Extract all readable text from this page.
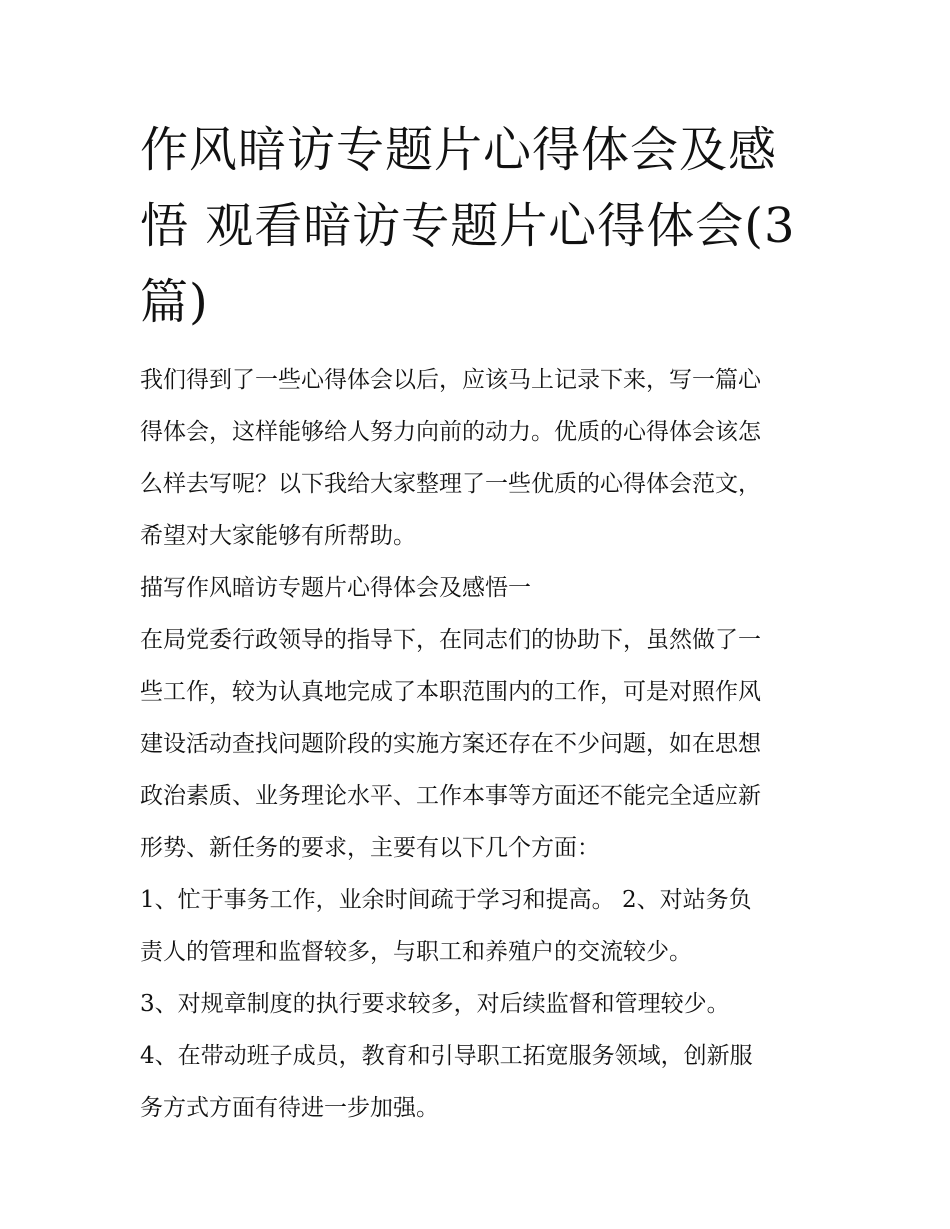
作风暗访专题片心得体会及感
悟 观看暗访专题片心得体会(3
篇)

我们得到了一些心得体会以后，应该马上记录下来，写一篇心
得体会，这样能够给人努力向前的动力。优质的心得体会该怎
么样去写呢？以下我给大家整理了一些优质的心得体会范文，
希望对大家能够有所帮助。

描写作风暗访专题片心得体会及感悟一

在局党委行政领导的指导下，在同志们的协助下，虽然做了一
些工作，较为认真地完成了本职范围内的工作，可是对照作风
建设活动查找问题阶段的实施方案还存在不少问题，如在思想
政治素质、业务理论水平、工作本事等方面还不能完全适应新
形势、新任务的要求，主要有以下几个方面：

1、忙于事务工作，业余时间疏于学习和提高。 2、对站务负
责人的管理和监督较多，与职工和养殖户的交流较少。

3、对规章制度的执行要求较多，对后续监督和管理较少。

4、在带动班子成员，教育和引导职工拓宽服务领域，创新服
务方式方面有待进一步加强。
